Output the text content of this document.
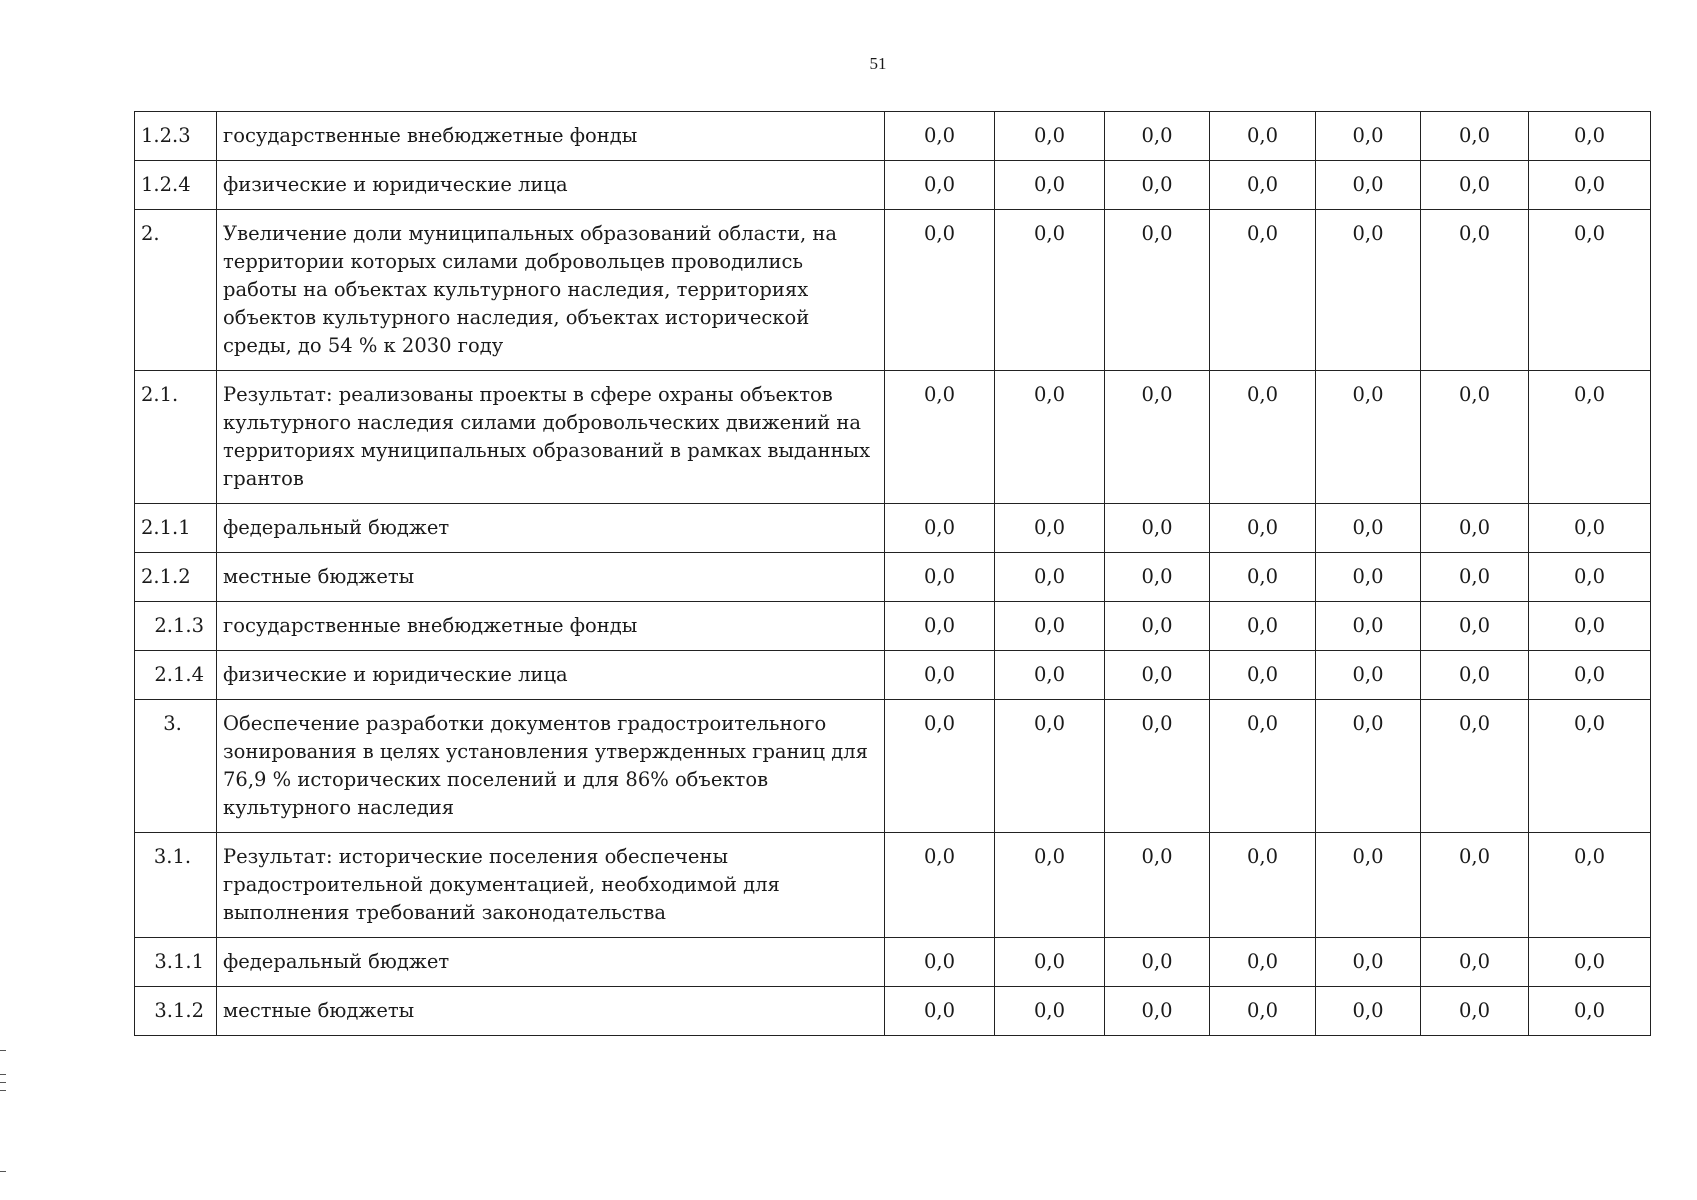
51
1.2.3	государственные внебюджетные фонды	0,0	0,0	0,0	0,0	0,0	0,0	0,0
1.2.4	физические и юридические лица	0,0	0,0	0,0	0,0	0,0	0,0	0,0
2.	Увеличение доли муниципальных образований области, на территории которых силами добровольцев проводились работы на объектах культурного наследия, территориях объектов культурного наследия, объектах исторической среды, до 54 % к 2030 году	0,0	0,0	0,0	0,0	0,0	0,0	0,0
2.1.	Результат: реализованы проекты в сфере охраны объектов культурного наследия силами добровольческих движений на территориях муниципальных образований в рамках выданных грантов	0,0	0,0	0,0	0,0	0,0	0,0	0,0
2.1.1	федеральный бюджет	0,0	0,0	0,0	0,0	0,0	0,0	0,0
2.1.2	местные бюджеты	0,0	0,0	0,0	0,0	0,0	0,0	0,0
2.1.3	государственные внебюджетные фонды	0,0	0,0	0,0	0,0	0,0	0,0	0,0
2.1.4	физические и юридические лица	0,0	0,0	0,0	0,0	0,0	0,0	0,0
3.	Обеспечение разработки документов градостроительного зонирования в целях установления утвержденных границ для 76,9 % исторических поселений и для 86% объектов культурного наследия	0,0	0,0	0,0	0,0	0,0	0,0	0,0
3.1.	Результат: исторические поселения обеспечены градостроительной документацией, необходимой для выполнения требований законодательства	0,0	0,0	0,0	0,0	0,0	0,0	0,0
3.1.1	федеральный бюджет	0,0	0,0	0,0	0,0	0,0	0,0	0,0
3.1.2	местные бюджеты	0,0	0,0	0,0	0,0	0,0	0,0	0,0
